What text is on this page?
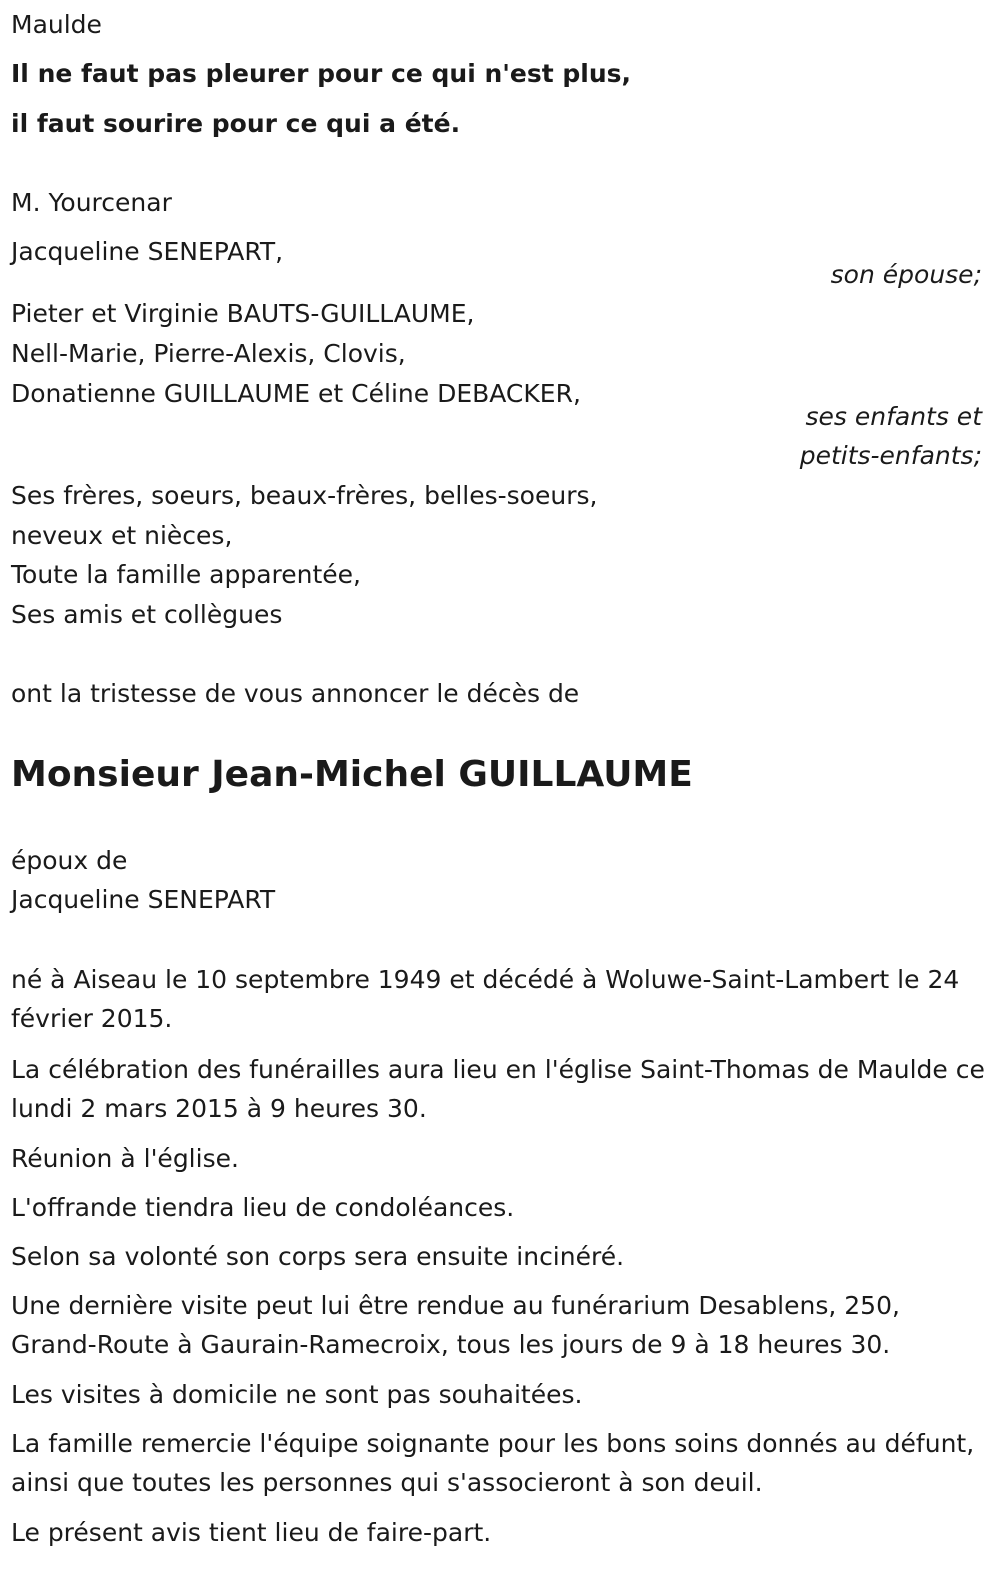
Maulde
Il ne faut pas pleurer pour ce qui n'est plus,
il faut sourire pour ce qui a été.
M. Yourcenar
Jacqueline SENEPART,
son épouse;
Pieter et Virginie BAUTS-GUILLAUME,
Nell-Marie, Pierre-Alexis, Clovis,
Donatienne GUILLAUME et Céline DEBACKER,
ses enfants et
petits-enfants;
Ses frères, soeurs, beaux-frères, belles-soeurs,
neveux et nièces,
Toute la famille apparentée,
Ses amis et collègues
ont la tristesse de vous annoncer le décès de
Monsieur Jean-Michel GUILLAUME
époux de
Jacqueline SENEPART
né à Aiseau le 10 septembre 1949 et décédé à Woluwe-Saint-Lambert le 24 février 2015.
La célébration des funérailles aura lieu en l'église Saint-Thomas de Maulde ce lundi 2 mars 2015 à 9 heures 30.
Réunion à l'église.
L'offrande tiendra lieu de condoléances.
Selon sa volonté son corps sera ensuite incinéré.
Une dernière visite peut lui être rendue au funérarium Desablens, 250, Grand-Route à Gaurain-Ramecroix, tous les jours de 9 à 18 heures 30.
Les visites à domicile ne sont pas souhaitées.
La famille remercie l'équipe soignante pour les bons soins donnés au défunt, ainsi que toutes les personnes qui s'associeront à son deuil.
Le présent avis tient lieu de faire-part.
